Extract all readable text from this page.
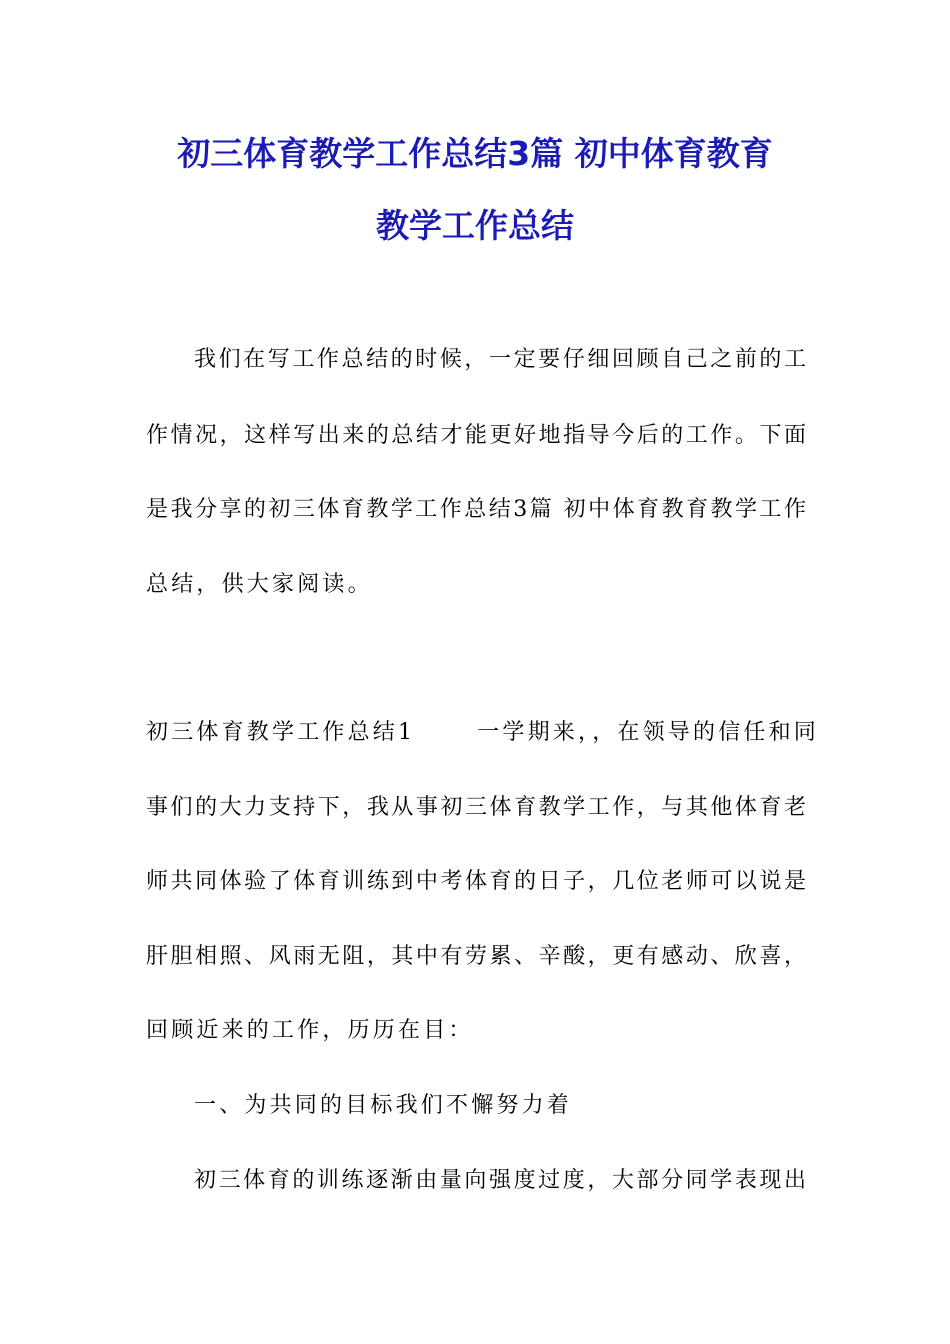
初三体育教学工作总结3篇 初中体育教育
教学工作总结
我们在写工作总结的时候，一定要仔细回顾自己之前的工
作情况，这样写出来的总结才能更好地指导今后的工作。下面
是我分享的初三体育教学工作总结3篇 初中体育教育教学工作
总结，供大家阅读。
初三体育教学工作总结1	一学期来，，在领导的信任和同
事们的大力支持下，我从事初三体育教学工作，与其他体育老
师共同体验了体育训练到中考体育的日子，几位老师可以说是
肝胆相照、风雨无阻，其中有劳累、辛酸，更有感动、欣喜，
回顾近来的工作，历历在目：
一、为共同的目标我们不懈努力着
初三体育的训练逐渐由量向强度过度，大部分同学表现出
